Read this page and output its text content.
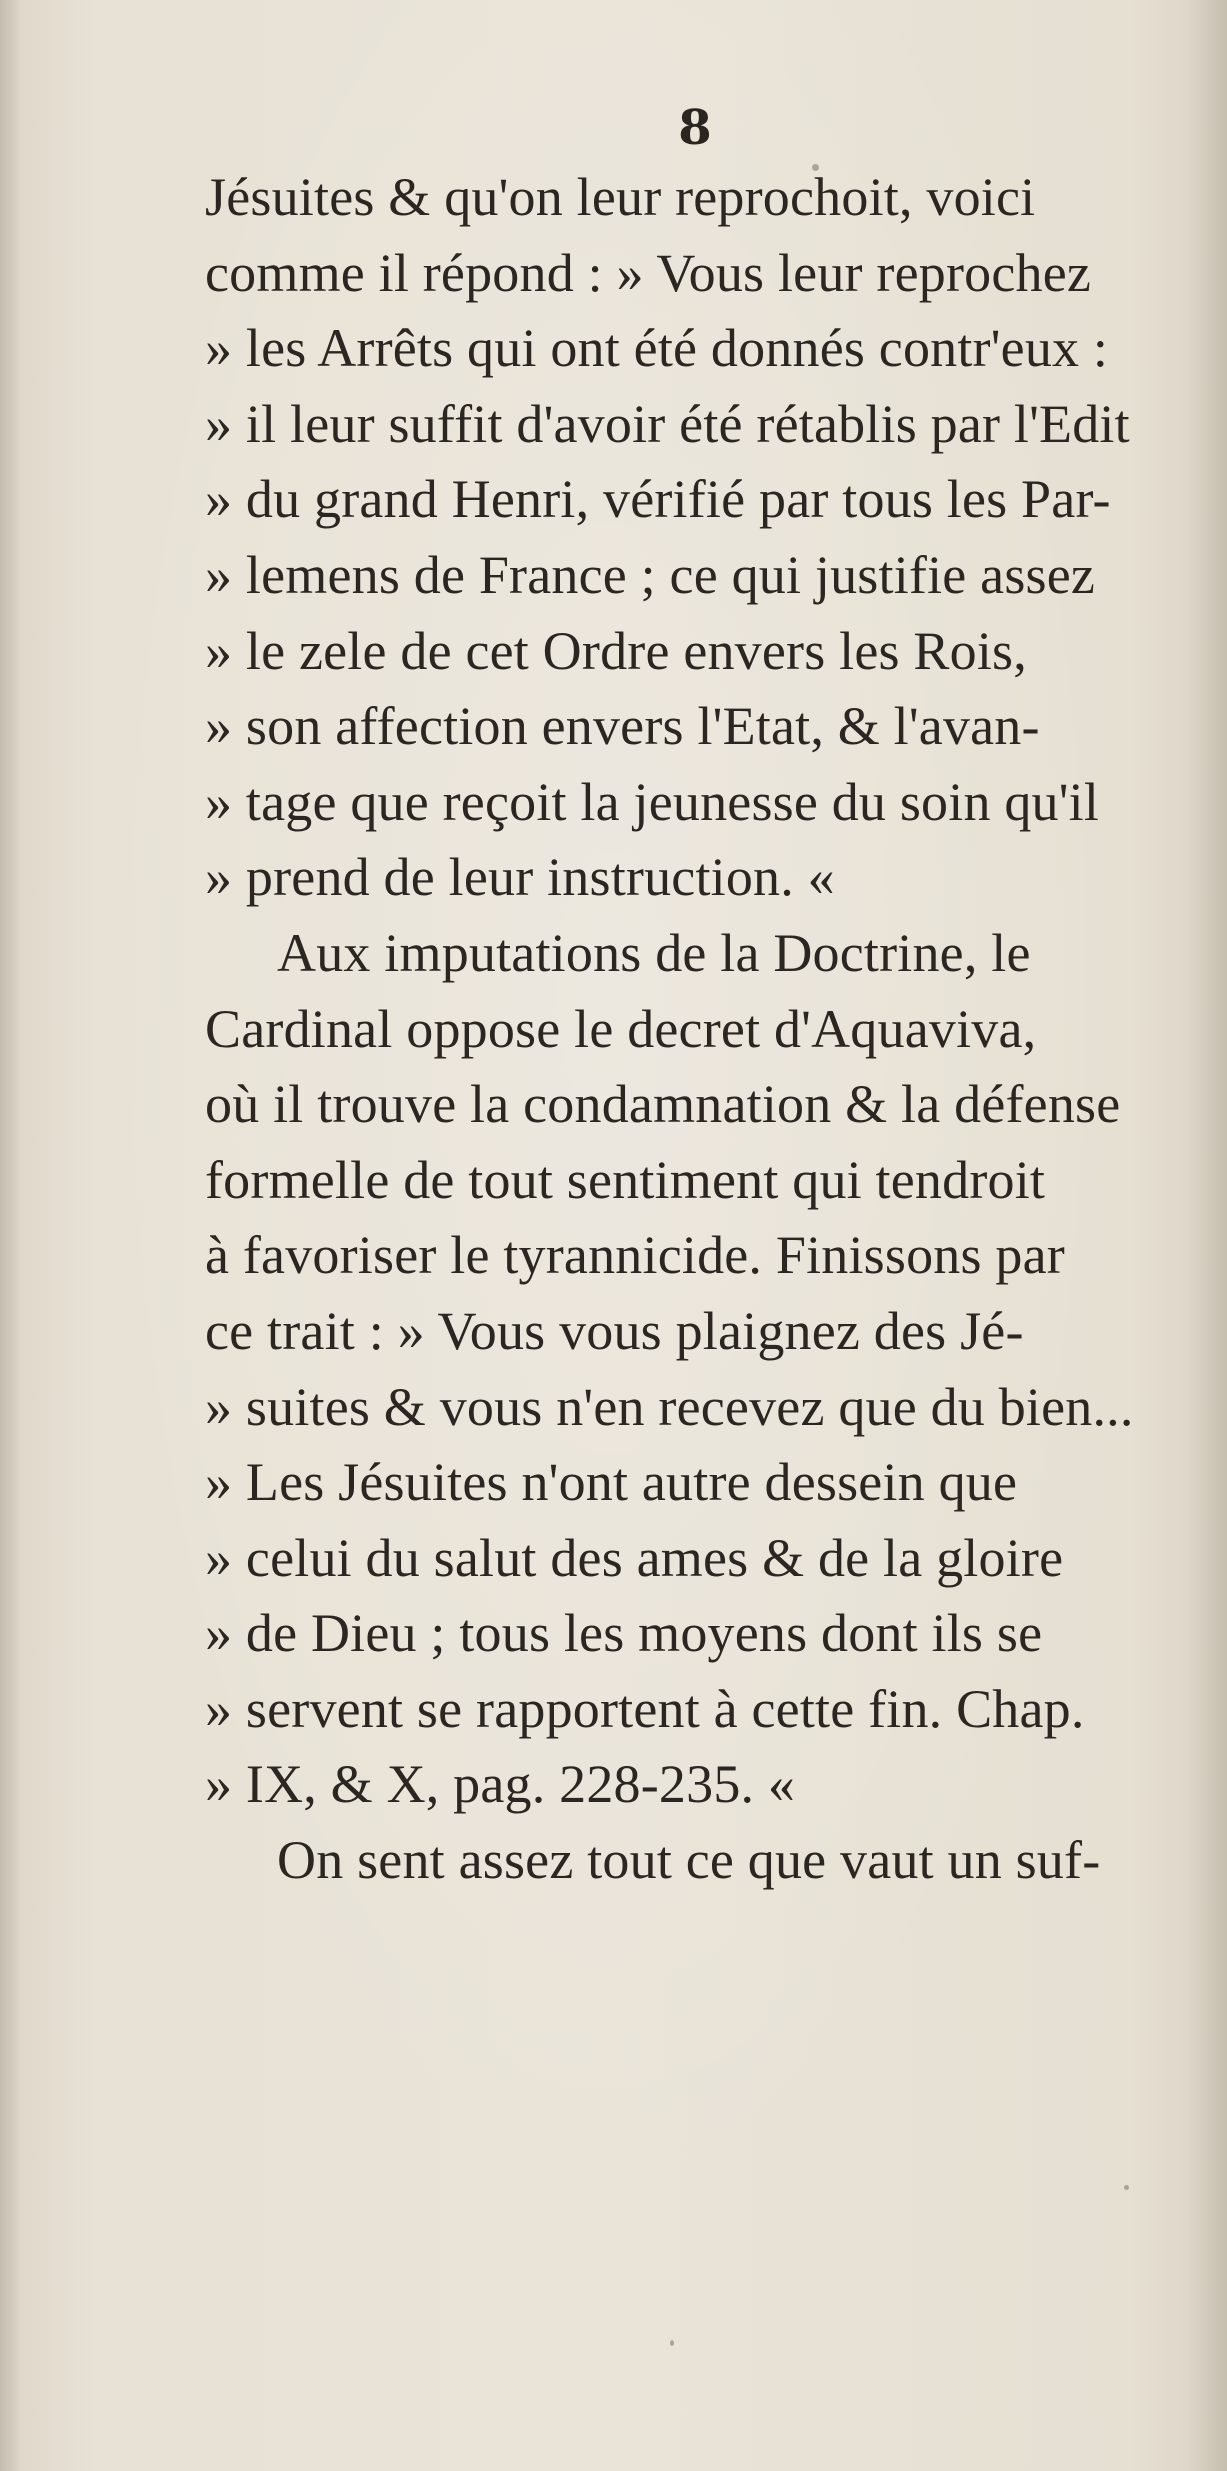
8
Jésuites & qu'on leur reprochoit, voici
comme il répond : » Vous leur reprochez
» les Arrêts qui ont été donnés contr'eux :
» il leur suffit d'avoir été rétablis par l'Edit
» du grand Henri, vérifié par tous les Par-
» lemens de France ; ce qui justifie assez
» le zele de cet Ordre envers les Rois,
» son affection envers l'Etat, & l'avan-
» tage que reçoit la jeunesse du soin qu'il
» prend de leur instruction. «
Aux imputations de la Doctrine, le
Cardinal oppose le decret d'Aquaviva,
où il trouve la condamnation & la défense
formelle de tout sentiment qui tendroit
à favoriser le tyrannicide. Finissons par
ce trait : » Vous vous plaignez des Jé-
» suites & vous n'en recevez que du bien...
» Les Jésuites n'ont autre dessein que
» celui du salut des ames & de la gloire
» de Dieu ; tous les moyens dont ils se
» servent se rapportent à cette fin. Chap.
» IX, & X, pag. 228-235. «
On sent assez tout ce que vaut un suf-
